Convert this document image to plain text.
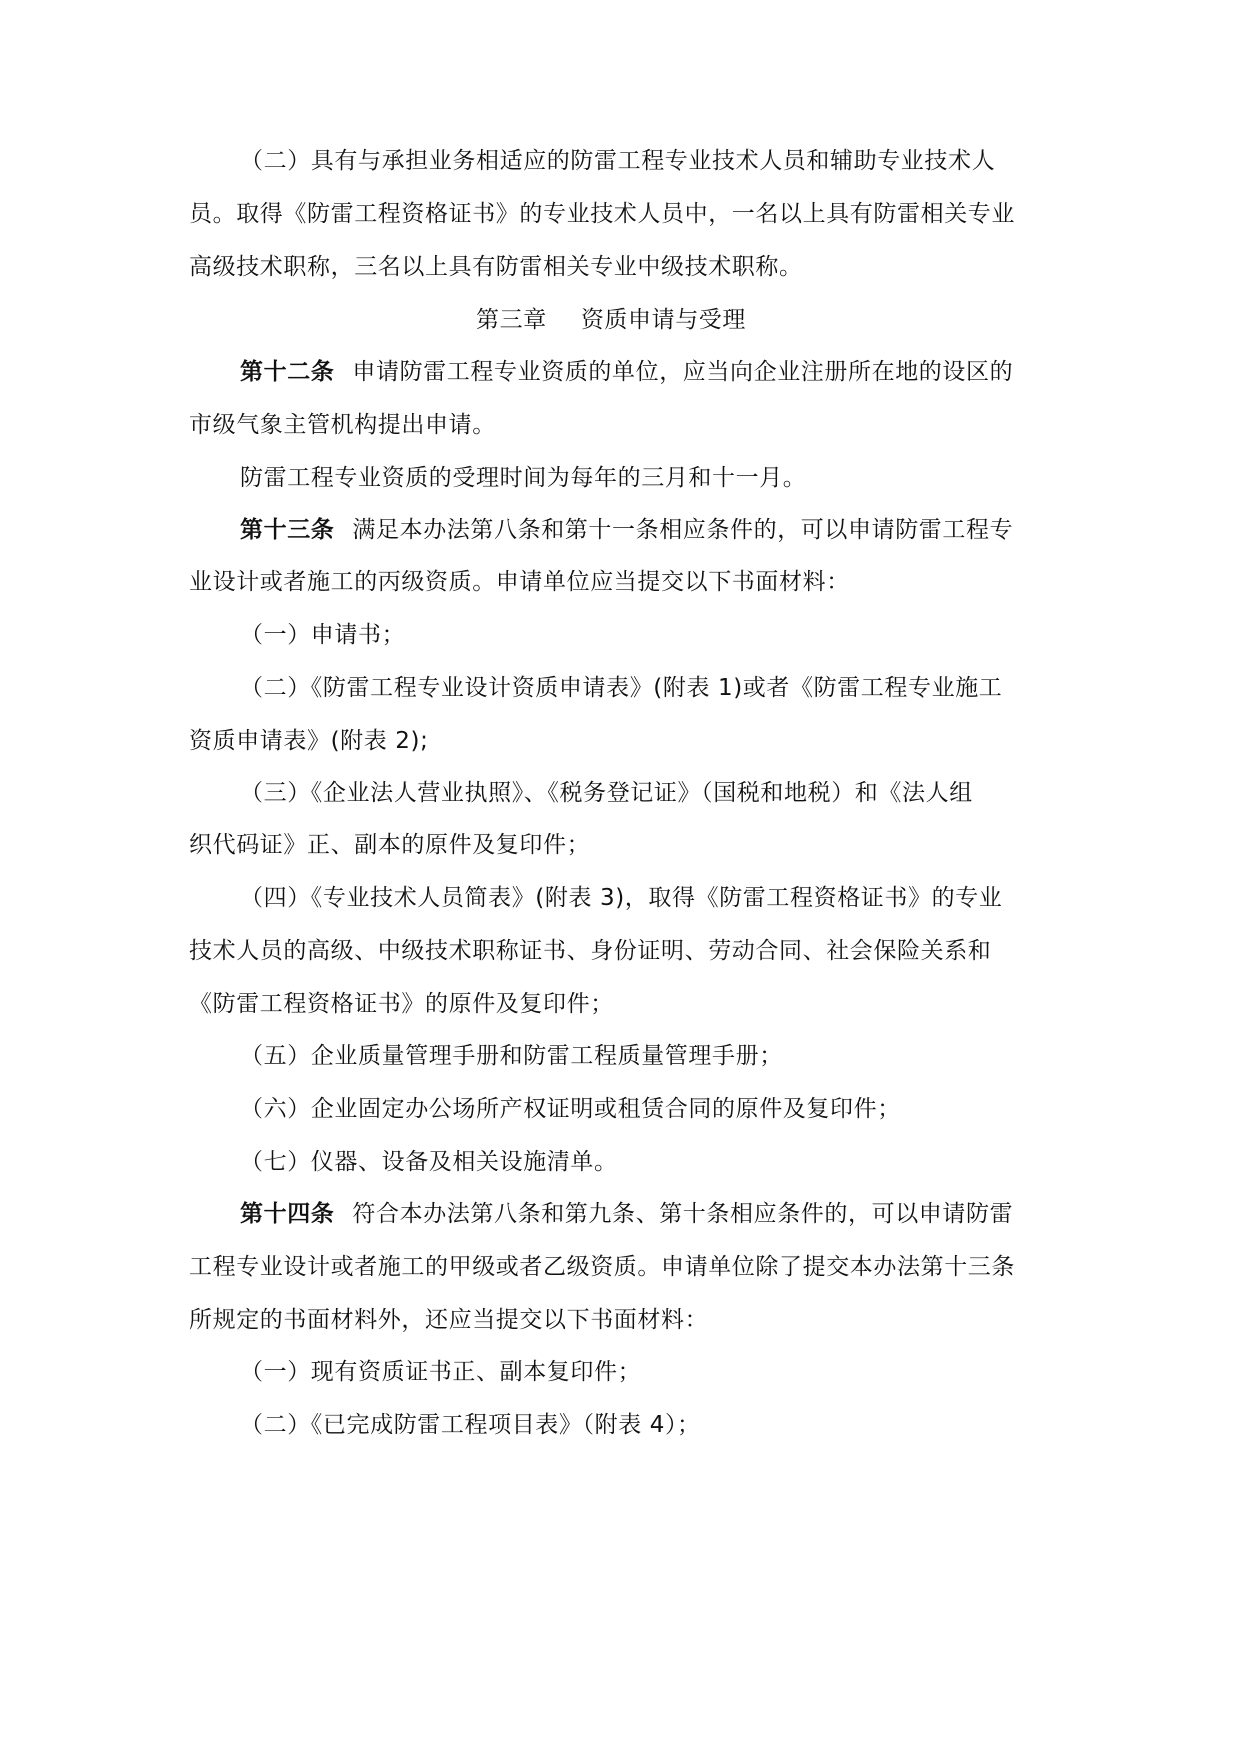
（二）具有与承担业务相适应的防雷工程专业技术人员和辅助专业技术人
员。取得《防雷工程资格证书》的专业技术人员中，一名以上具有防雷相关专业
高级技术职称，三名以上具有防雷相关专业中级技术职称。
第三章 资质申请与受理
第十二条 申请防雷工程专业资质的单位，应当向企业注册所在地的设区的
市级气象主管机构提出申请。
防雷工程专业资质的受理时间为每年的三月和十一月。
第十三条 满足本办法第八条和第十一条相应条件的，可以申请防雷工程专
业设计或者施工的丙级资质。申请单位应当提交以下书面材料：
（一）申请书；
（二）《防雷工程专业设计资质申请表》(附表 1)或者《防雷工程专业施工
资质申请表》(附表 2);
（三）《企业法人营业执照》、《税务登记证》（国税和地税）和《法人组
织代码证》正、副本的原件及复印件；
（四）《专业技术人员简表》(附表 3)，取得《防雷工程资格证书》的专业
技术人员的高级、中级技术职称证书、身份证明、劳动合同、社会保险关系和
《防雷工程资格证书》的原件及复印件；
（五）企业质量管理手册和防雷工程质量管理手册；
（六）企业固定办公场所产权证明或租赁合同的原件及复印件；
（七）仪器、设备及相关设施清单。
第十四条 符合本办法第八条和第九条、第十条相应条件的，可以申请防雷
工程专业设计或者施工的甲级或者乙级资质。申请单位除了提交本办法第十三条
所规定的书面材料外，还应当提交以下书面材料：
（一）现有资质证书正、副本复印件；
（二）《已完成防雷工程项目表》（附表 4）；
